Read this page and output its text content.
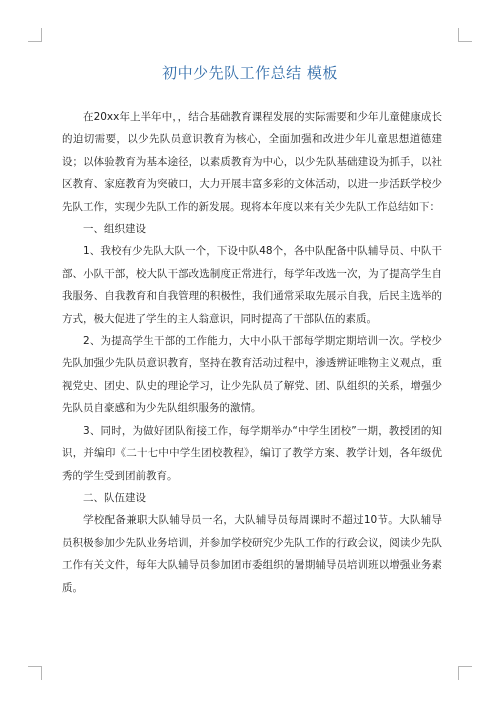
初中少先队工作总结 模板

在20xx年上半年中，，结合基础教育课程发展的实际需要和少年儿童健康成长的迫切需要，以少先队员意识教育为核心，全面加强和改进少年儿童思想道德建设；以体验教育为基本途径，以素质教育为中心，以少先队基础建设为抓手，以社区教育、家庭教育为突破口，大力开展丰富多彩的文体活动，以进一步活跃学校少先队工作，实现少先队工作的新发展。现将本年度以来有关少先队工作总结如下：

一、组织建设

1、我校有少先队大队一个，下设中队48个，各中队配备中队辅导员、中队干部、小队干部，校大队干部改选制度正常进行，每学年改选一次，为了提高学生自我服务、自我教育和自我管理的积极性，我们通常采取先展示自我，后民主选举的方式，极大促进了学生的主人翁意识，同时提高了干部队伍的素质。

2、为提高学生干部的工作能力，大中小队干部每学期定期培训一次。学校少先队加强少先队员意识教育，坚持在教育活动过程中，渗透辨证唯物主义观点，重视党史、团史、队史的理论学习，让少先队员了解党、团、队组织的关系，增强少先队员自豪感和为少先队组织服务的激情。

3、同时，为做好团队衔接工作，每学期举办“中学生团校”一期，教授团的知识，并编印《二十七中中学生团校教程》，编订了教学方案、教学计划，各年级优秀的学生受到团前教育。

二、队伍建设

学校配备兼职大队辅导员一名，大队辅导员每周课时不超过10节。大队辅导员积极参加少先队业务培训，并参加学校研究少先队工作的行政会议，阅读少先队工作有关文件，每年大队辅导员参加团市委组织的暑期辅导员培训班以增强业务素质。
